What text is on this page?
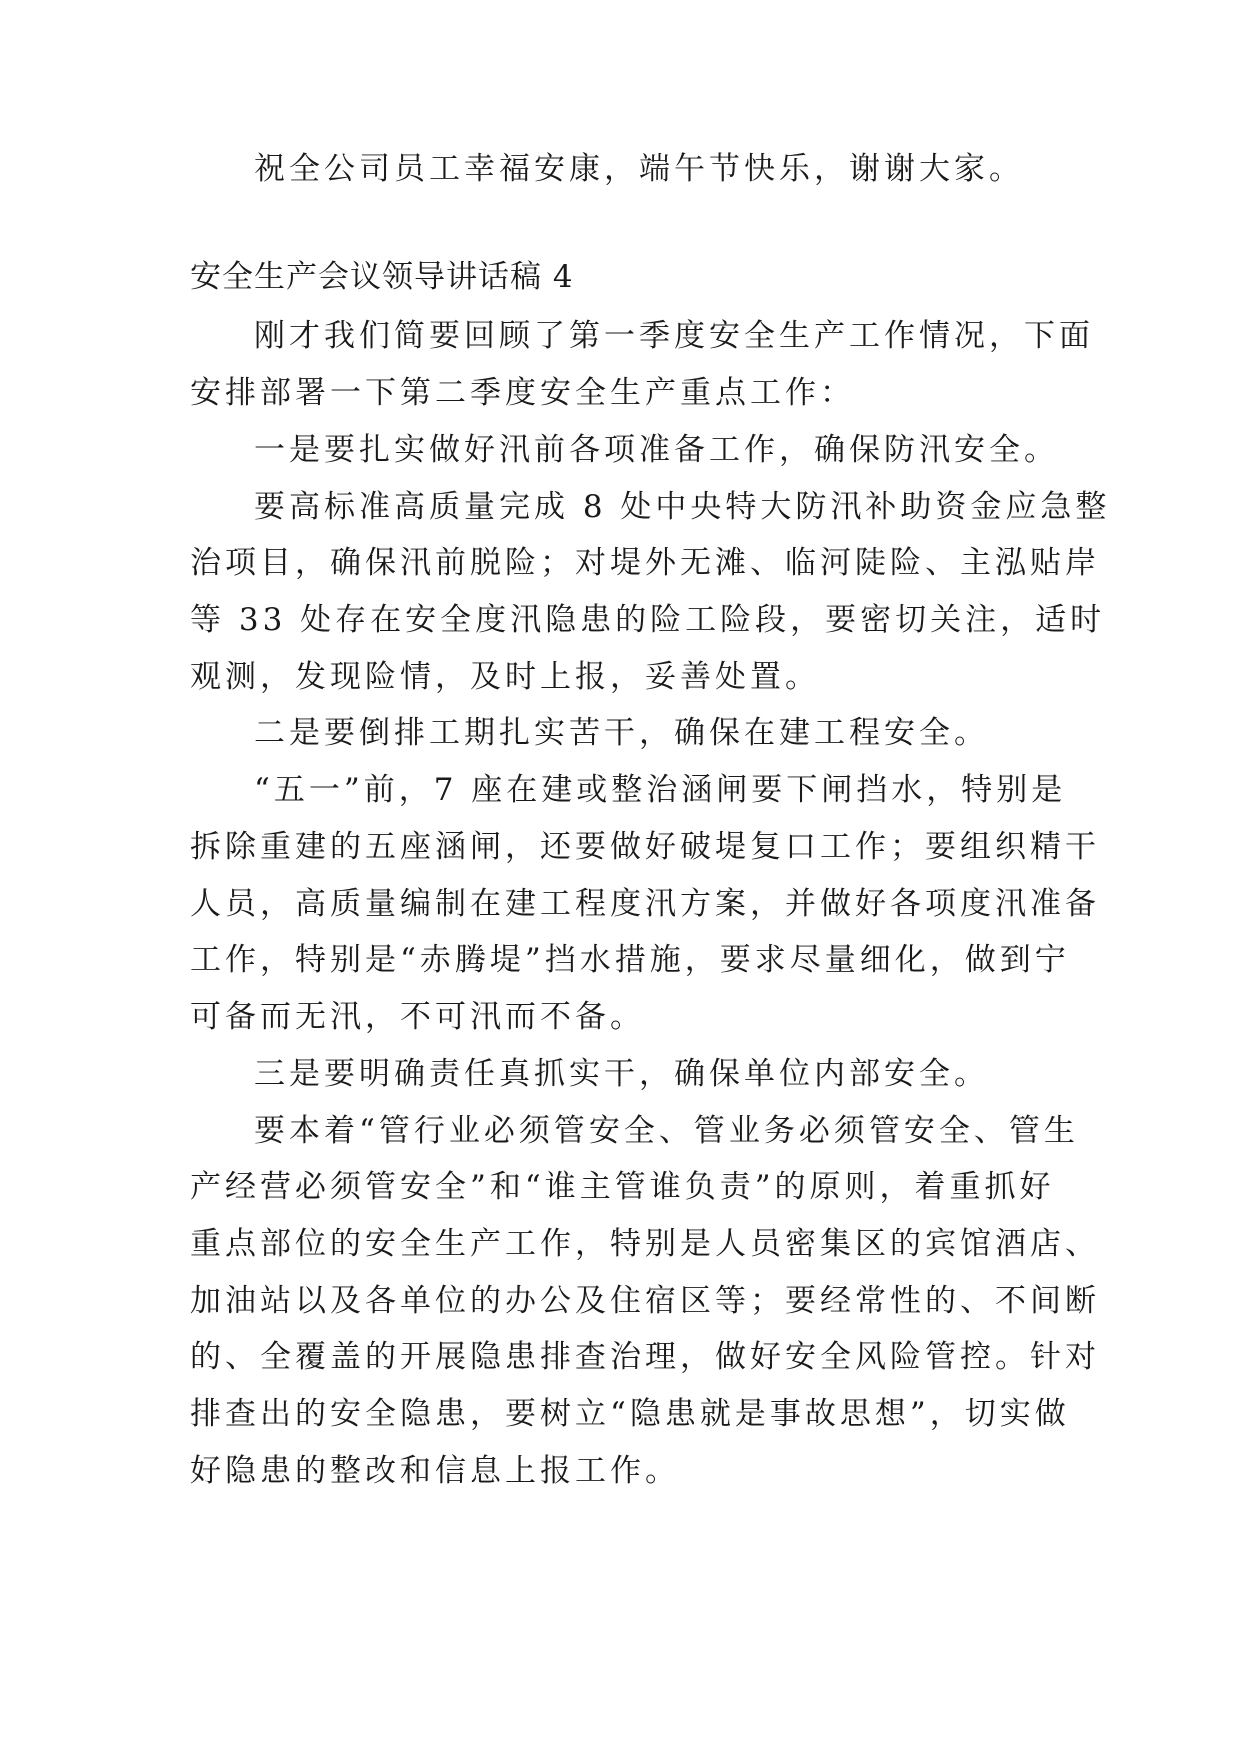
祝全公司员工幸福安康，端午节快乐，谢谢大家。
安全生产会议领导讲话稿 4
刚才我们简要回顾了第一季度安全生产工作情况，下面
安排部署一下第二季度安全生产重点工作：
一是要扎实做好汛前各项准备工作，确保防汛安全。
要高标准高质量完成 8 处中央特大防汛补助资金应急整
治项目，确保汛前脱险；对堤外无滩、临河陡险、主泓贴岸
等 33 处存在安全度汛隐患的险工险段，要密切关注，适时
观测，发现险情，及时上报，妥善处置。
二是要倒排工期扎实苦干，确保在建工程安全。
“五一”前，7 座在建或整治涵闸要下闸挡水，特别是
拆除重建的五座涵闸，还要做好破堤复口工作；要组织精干
人员，高质量编制在建工程度汛方案，并做好各项度汛准备
工作，特别是“赤腾堤”挡水措施，要求尽量细化，做到宁
可备而无汛，不可汛而不备。
三是要明确责任真抓实干，确保单位内部安全。
要本着“管行业必须管安全、管业务必须管安全、管生
产经营必须管安全”和“谁主管谁负责”的原则，着重抓好
重点部位的安全生产工作，特别是人员密集区的宾馆酒店、
加油站以及各单位的办公及住宿区等；要经常性的、不间断
的、全覆盖的开展隐患排查治理，做好安全风险管控。针对
排查出的安全隐患，要树立“隐患就是事故思想”，切实做
好隐患的整改和信息上报工作。
